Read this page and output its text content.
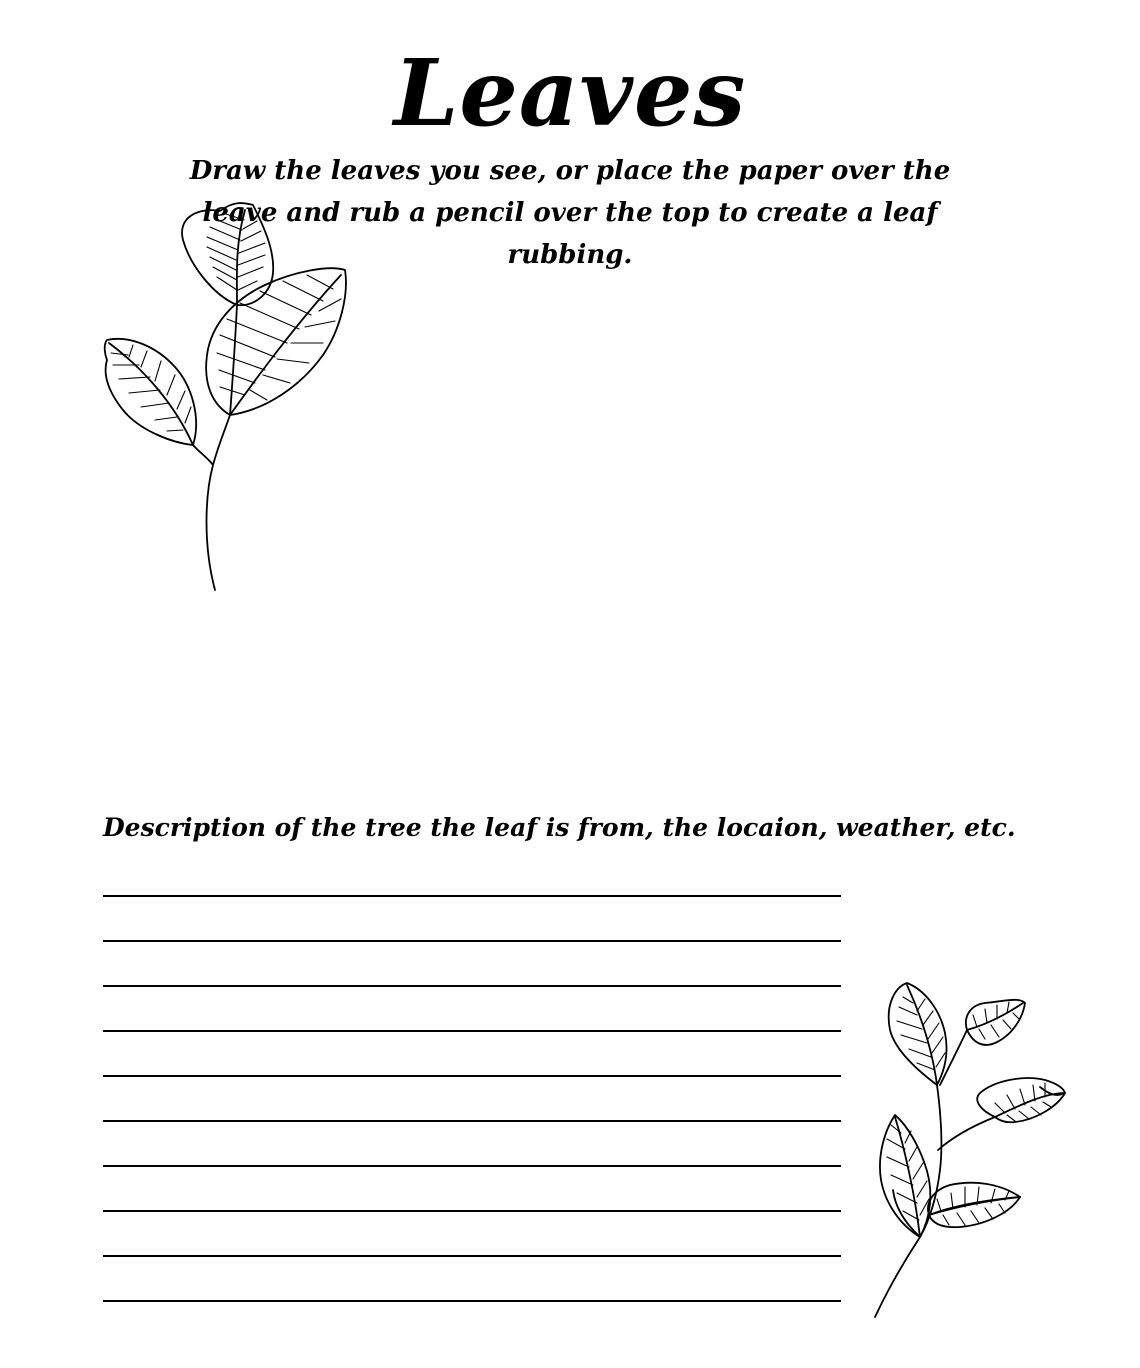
Leaves

Draw the leaves you see, or place the paper over the leave and rub a pencil over the top to create a leaf rubbing.

Description of the tree the leaf is from, the locaion, weather, etc.
